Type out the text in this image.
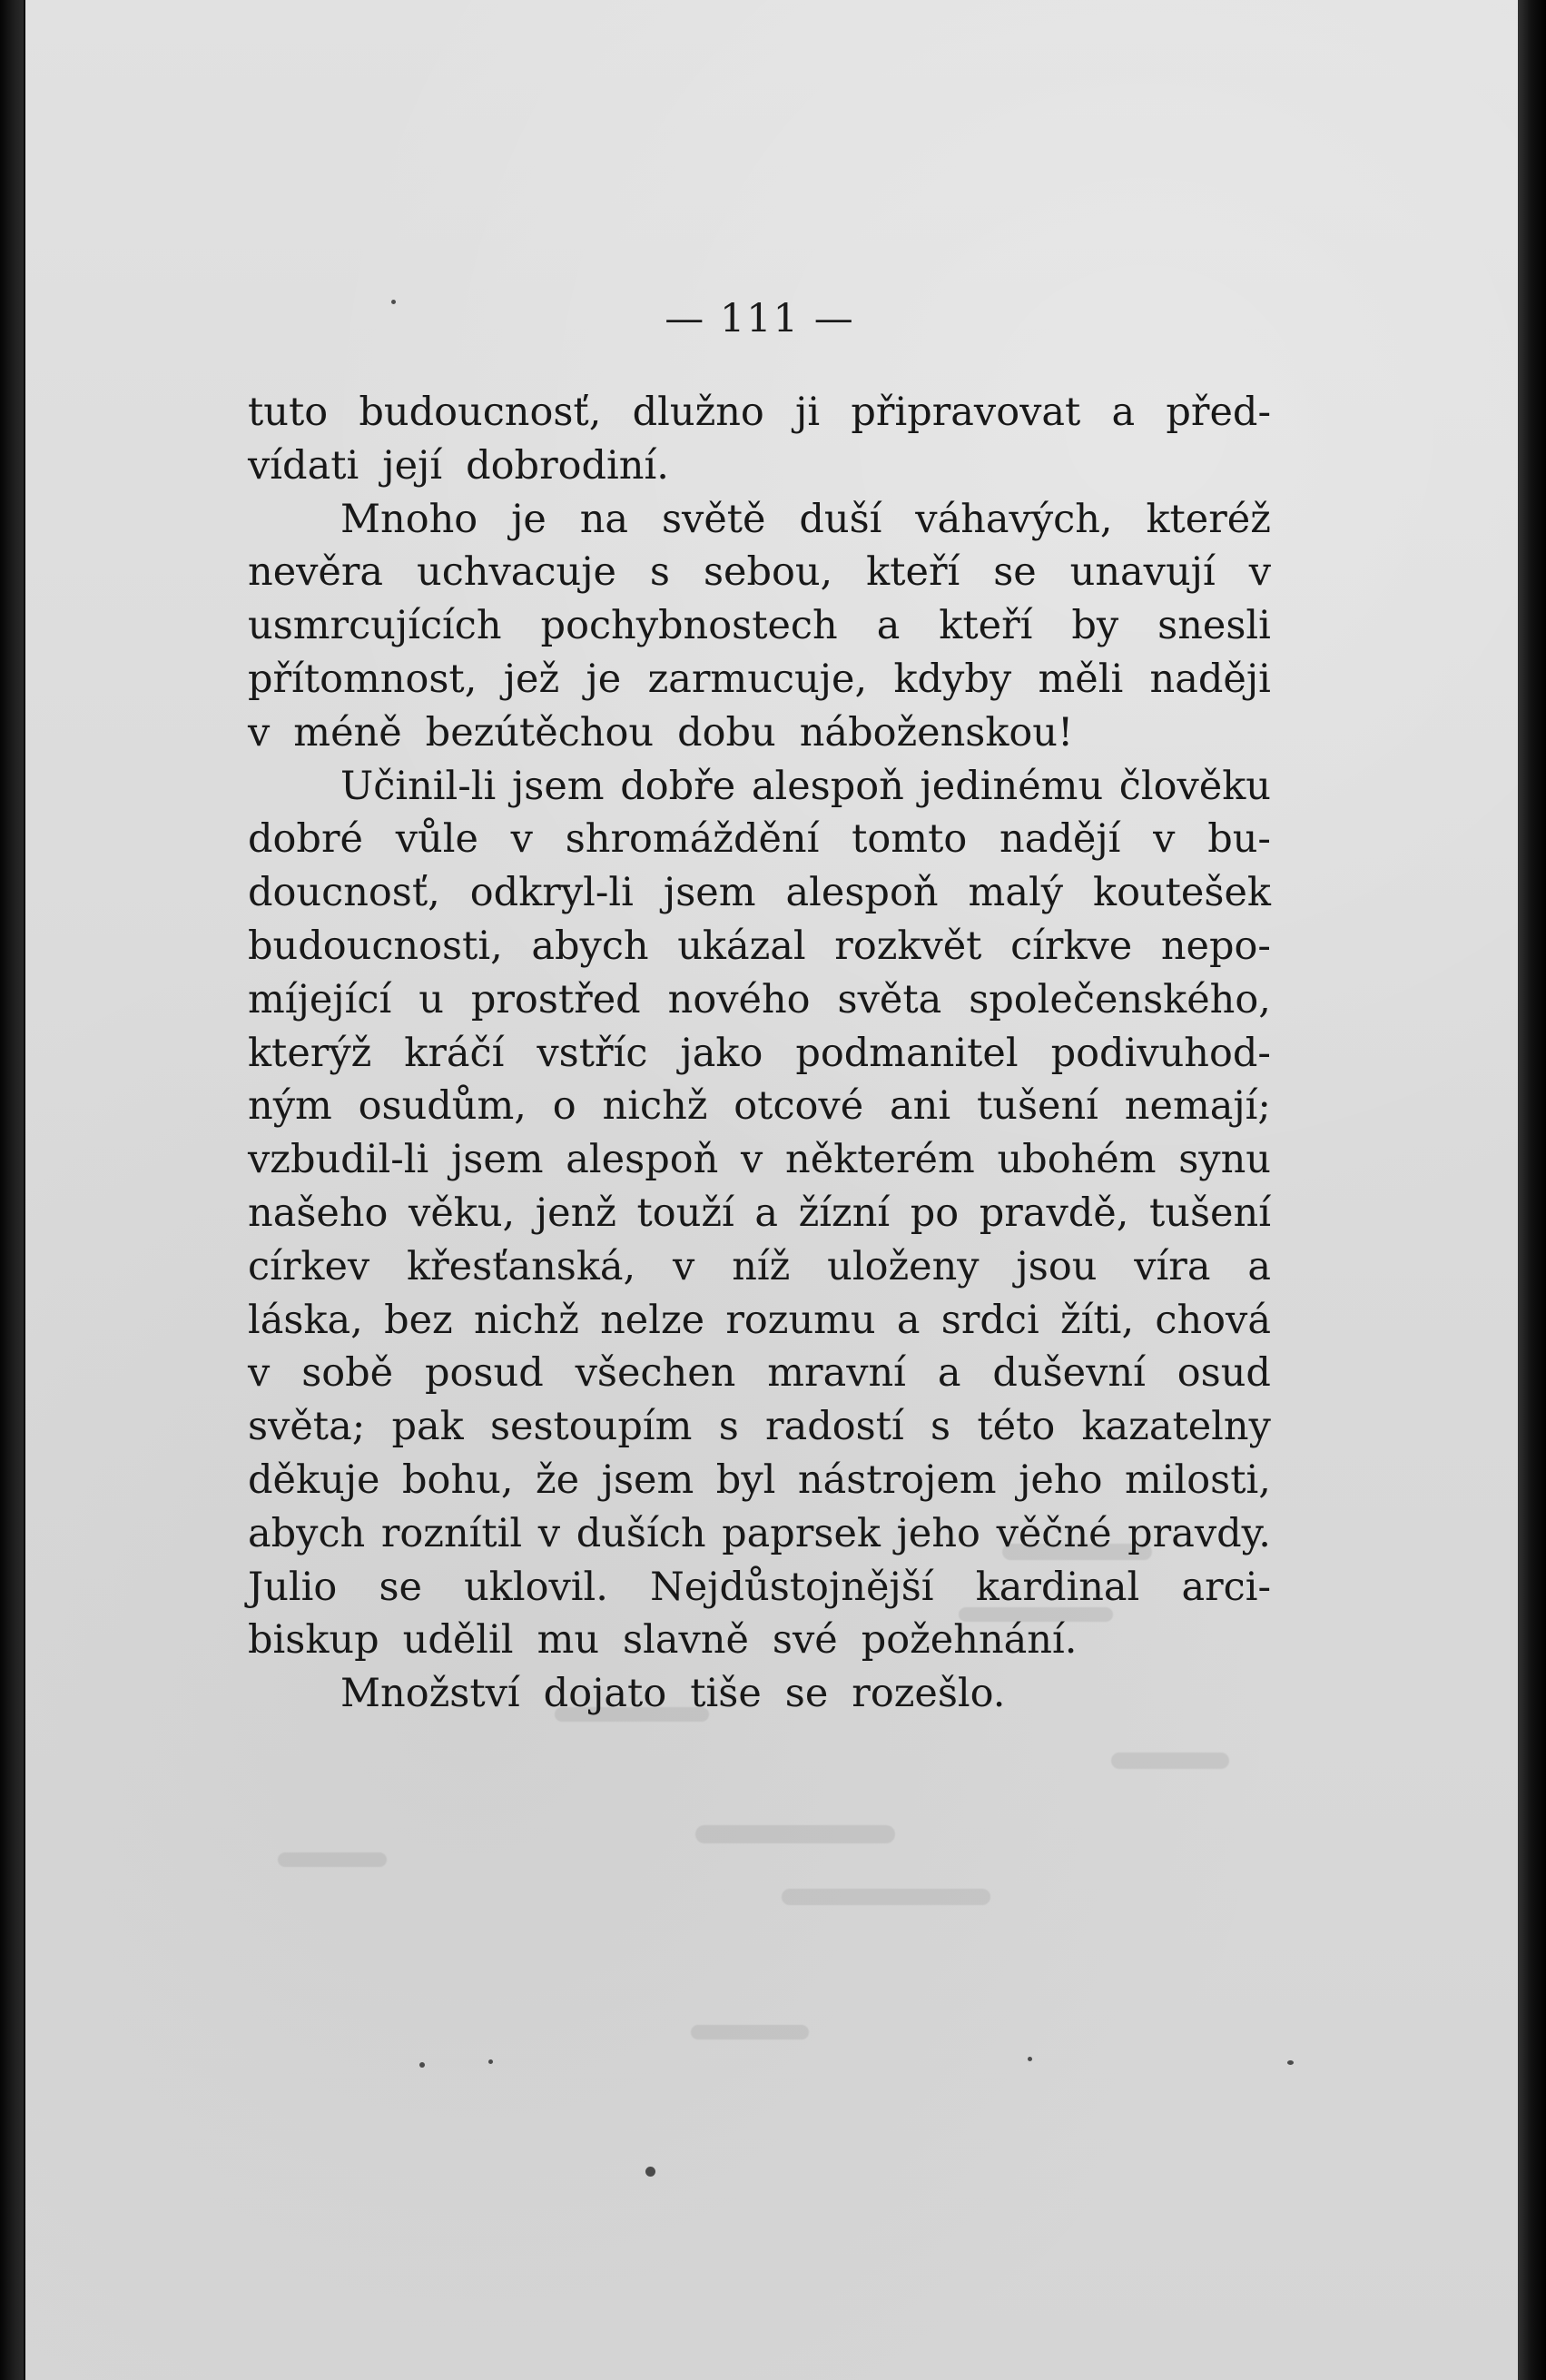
— 111 —
tuto budoucnosť, dlužno ji připravovat a před-
vídati její dobrodiní.
Mnoho je na světě duší váhavých, kteréž
nevěra uchvacuje s sebou, kteří se unavují v
usmrcujících pochybnostech a kteří by snesli
přítomnost, jež je zarmucuje, kdyby měli naději
v méně bezútěchou dobu náboženskou!
Učinil-li jsem dobře alespoň jedinému člověku
dobré vůle v shromáždění tomto nadějí v bu-
doucnosť, odkryl-li jsem alespoň malý koutešek
budoucnosti, abych ukázal rozkvět církve nepo-
míjející u prostřed nového světa společenského,
kterýž kráčí vstříc jako podmanitel podivuhod-
ným osudům, o nichž otcové ani tušení nemají;
vzbudil-li jsem alespoň v některém ubohém synu
našeho věku, jenž touží a žízní po pravdě, tušení
církev křesťanská, v níž uloženy jsou víra a
láska, bez nichž nelze rozumu a srdci žíti, chová
v sobě posud všechen mravní a duševní osud
světa; pak sestoupím s radostí s této kazatelny
děkuje bohu, že jsem byl nástrojem jeho milosti,
abych roznítil v duších paprsek jeho věčné pravdy.
Julio se uklovil. Nejdůstojnější kardinal arci-
biskup udělil mu slavně své požehnání.
Množství dojato tiše se rozešlo.
